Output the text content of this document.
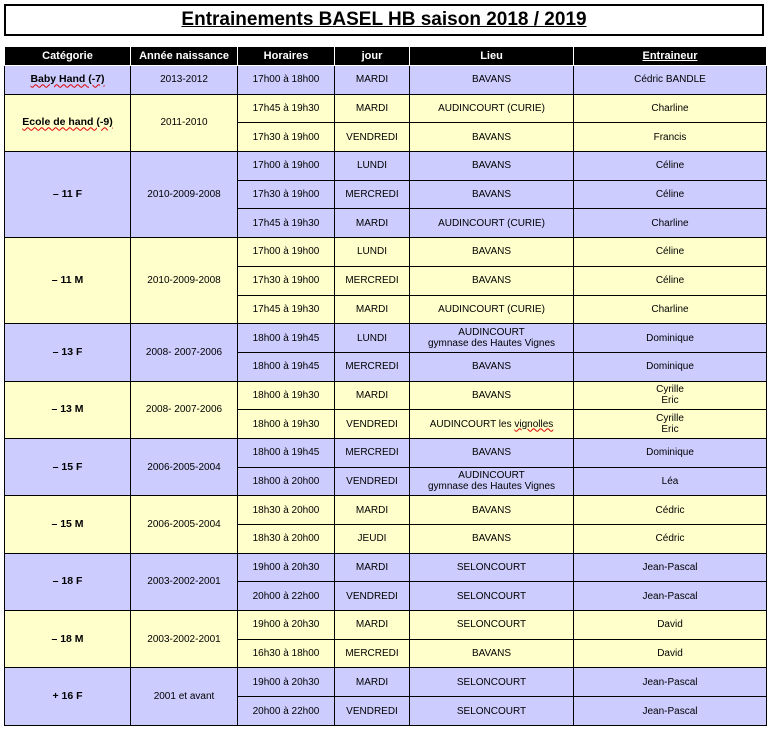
Entrainements BASEL HB saison 2018 / 2019
Catégorie	Année naissance	Horaires	jour	Lieu	Entraineur
Baby Hand (-7)	2013-2012	17h00 à 18h00	MARDI	BAVANS	Cédric BANDLE

Ecole de hand (-9)	2011-2010	17h45 à 19h30	MARDI	AUDINCOURT (CURIE)	Charline

		17h30 à 19h00	VENDREDI	BAVANS	Francis

– 11 F	2010-2009-2008	17h00 à 19h00	LUNDI	BAVANS	Céline

		17h30 à 19h00	MERCREDI	BAVANS	Céline

		17h45 à 19h30	MARDI	AUDINCOURT (CURIE)	Charline

– 11 M	2010-2009-2008	17h00 à 19h00	LUNDI	BAVANS	Céline

		17h30 à 19h00	MERCREDI	BAVANS	Céline

		17h45 à 19h30	MARDI	AUDINCOURT (CURIE)	Charline

– 13 F	2008- 2007-2006	18h00 à 19h45	LUNDI	AUDINCOURT
gymnase des Hautes Vignes	Dominique

		18h00 à 19h45	MERCREDI	BAVANS	Dominique

– 13 M	2008- 2007-2006	18h00 à 19h30	MARDI	BAVANS	Cyrille
Eric

		18h00 à 19h30	VENDREDI	AUDINCOURT les vignolles	Cyrille
Eric

– 15 F	2006-2005-2004	18h00 à 19h45	MERCREDI	BAVANS	Dominique

		18h00 à 20h00	VENDREDI	AUDINCOURT
gymnase des Hautes Vignes	Léa

– 15 M	2006-2005-2004	18h30 à 20h00	MARDI	BAVANS	Cédric

		18h30 à 20h00	JEUDI	BAVANS	Cédric

– 18 F	2003-2002-2001	19h00 à 20h30	MARDI	SELONCOURT	Jean-Pascal

		20h00 à 22h00	VENDREDI	SELONCOURT	Jean-Pascal

– 18 M	2003-2002-2001	19h00 à 20h30	MARDI	SELONCOURT	David

		16h30 à 18h00	MERCREDI	BAVANS	David

+ 16 F	2001 et avant	19h00 à 20h30	MARDI	SELONCOURT	Jean-Pascal

		20h00 à 22h00	VENDREDI	SELONCOURT	Jean-Pascal
